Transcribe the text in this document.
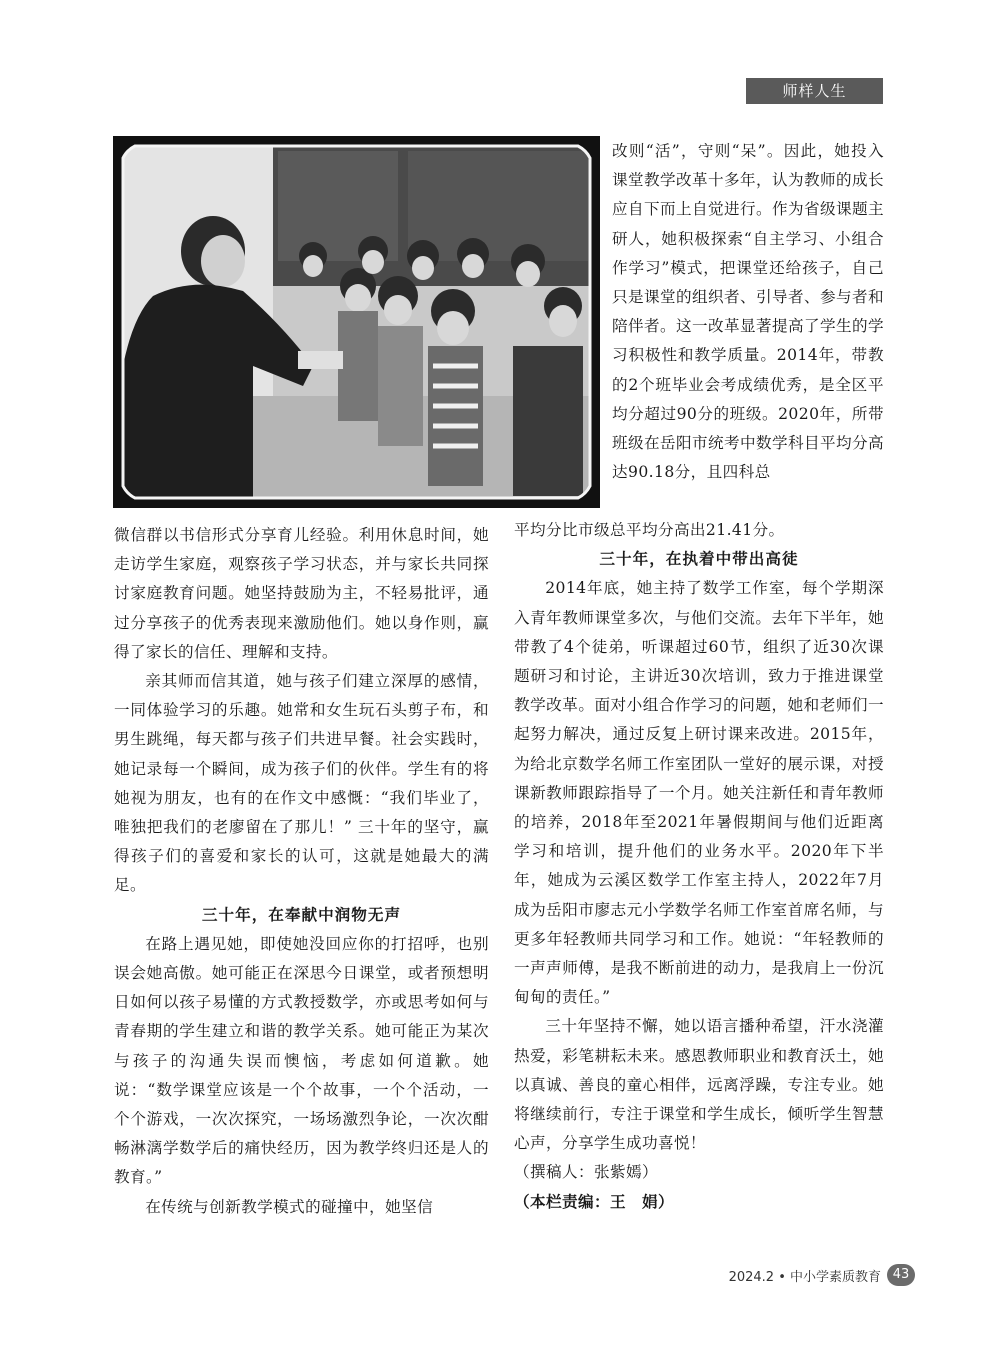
师样人生

改则“活”，守则“呆”。因此，她投入课堂教学改革十多年，认为教师的成长应自下而上自觉进行。作为省级课题主研人，她积极探索“自主学习、小组合作学习”模式，把课堂还给孩子，自己只是课堂的组织者、引导者、参与者和陪伴者。这一改革显著提高了学生的学习积极性和教学质量。2014年，带教的2个班毕业会考成绩优秀，是全区平均分超过90分的班级。2020年，所带班级在岳阳市统考中数学科目平均分高达90.18分，且四科总

平均分比市级总平均分高出21.41分。

三十年，在执着中带出高徒

2014年底，她主持了数学工作室，每个学期深入青年教师课堂多次，与他们交流。去年下半年，她带教了4个徒弟，听课超过60节，组织了近30次课题研习和讨论，主讲近30次培训，致力于推进课堂教学改革。面对小组合作学习的问题，她和老师们一起努力解决，通过反复上研讨课来改进。2015年，为给北京数学名师工作室团队一堂好的展示课，对授课新教师跟踪指导了一个月。她关注新任和青年教师的培养，2018年至2021年暑假期间与他们近距离学习和培训，提升他们的业务水平。2020年下半年，她成为云溪区数学工作室主持人，2022年7月成为岳阳市廖志元小学数学名师工作室首席名师，与更多年轻教师共同学习和工作。她说：“年轻教师的一声声师傅，是我不断前进的动力，是我肩上一份沉甸甸的责任。”

三十年坚持不懈，她以语言播种希望，汗水浇灌热爱，彩笔耕耘未来。感恩教师职业和教育沃土，她以真诚、善良的童心相伴，远离浮躁，专注专业。她将继续前行，专注于课堂和学生成长，倾听学生智慧心声，分享学生成功喜悦！

（撰稿人：张紫嫣）

（本栏责编：王　娟）

微信群以书信形式分享育儿经验。利用休息时间，她走访学生家庭，观察孩子学习状态，并与家长共同探讨家庭教育问题。她坚持鼓励为主，不轻易批评，通过分享孩子的优秀表现来激励他们。她以身作则，赢得了家长的信任、理解和支持。

亲其师而信其道，她与孩子们建立深厚的感情，一同体验学习的乐趣。她常和女生玩石头剪子布，和男生跳绳，每天都与孩子们共进早餐。社会实践时，她记录每一个瞬间，成为孩子们的伙伴。学生有的将她视为朋友，也有的在作文中感慨：“我们毕业了，唯独把我们的老廖留在了那儿！” 三十年的坚守，赢得孩子们的喜爱和家长的认可，这就是她最大的满足。

三十年，在奉献中润物无声

在路上遇见她，即使她没回应你的打招呼，也别误会她高傲。她可能正在深思今日课堂，或者预想明日如何以孩子易懂的方式教授数学，亦或思考如何与青春期的学生建立和谐的教学关系。她可能正为某次与孩子的沟通失误而懊恼，考虑如何道歉。她说：“数学课堂应该是一个个故事，一个个活动，一个个游戏，一次次探究，一场场激烈争论，一次次酣畅淋漓学数学后的痛快经历，因为教学终归还是人的教育。”

在传统与创新教学模式的碰撞中，她坚信

2024.2 • 中小学素质教育 43
